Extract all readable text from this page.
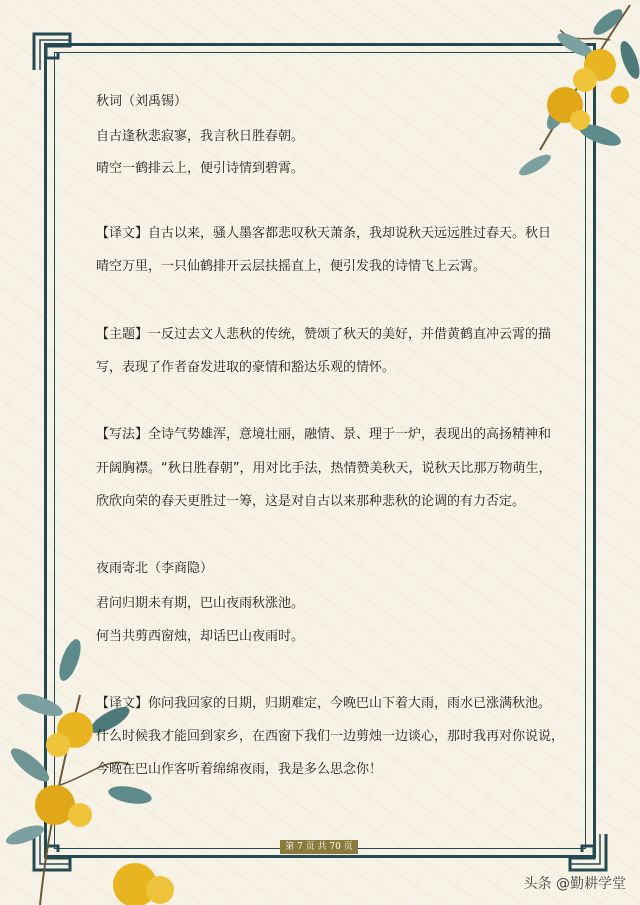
秋词（刘禹锡）
自古逢秋悲寂寥，我言秋日胜春朝。
晴空一鹤排云上，便引诗情到碧霄。
【译文】自古以来，骚人墨客都悲叹秋天萧条，我却说秋天远远胜过春天。秋日
晴空万里，一只仙鹤排开云层扶摇直上，便引发我的诗情飞上云霄。
【主题】一反过去文人悲秋的传统，赞颂了秋天的美好，并借黄鹤直冲云霄的描
写，表现了作者奋发进取的豪情和豁达乐观的情怀。
【写法】全诗气势雄浑，意境壮丽，融情、景、理于一炉，表现出的高扬精神和
开阔胸襟。“秋日胜春朝”，用对比手法，热情赞美秋天，说秋天比那万物萌生，
欣欣向荣的春天更胜过一筹，这是对自古以来那种悲秋的论调的有力否定。
夜雨寄北（李商隐）
君问归期未有期，巴山夜雨秋涨池。
何当共剪西窗烛，却话巴山夜雨时。
【译文】你问我回家的日期，归期难定，今晚巴山下着大雨，雨水已涨满秋池。
什么时候我才能回到家乡，在西窗下我们一边剪烛一边谈心，那时我再对你说说，
今晚在巴山作客听着绵绵夜雨，我是多么思念你！
第 7 页 共 70 页
头条 @勤耕学堂
